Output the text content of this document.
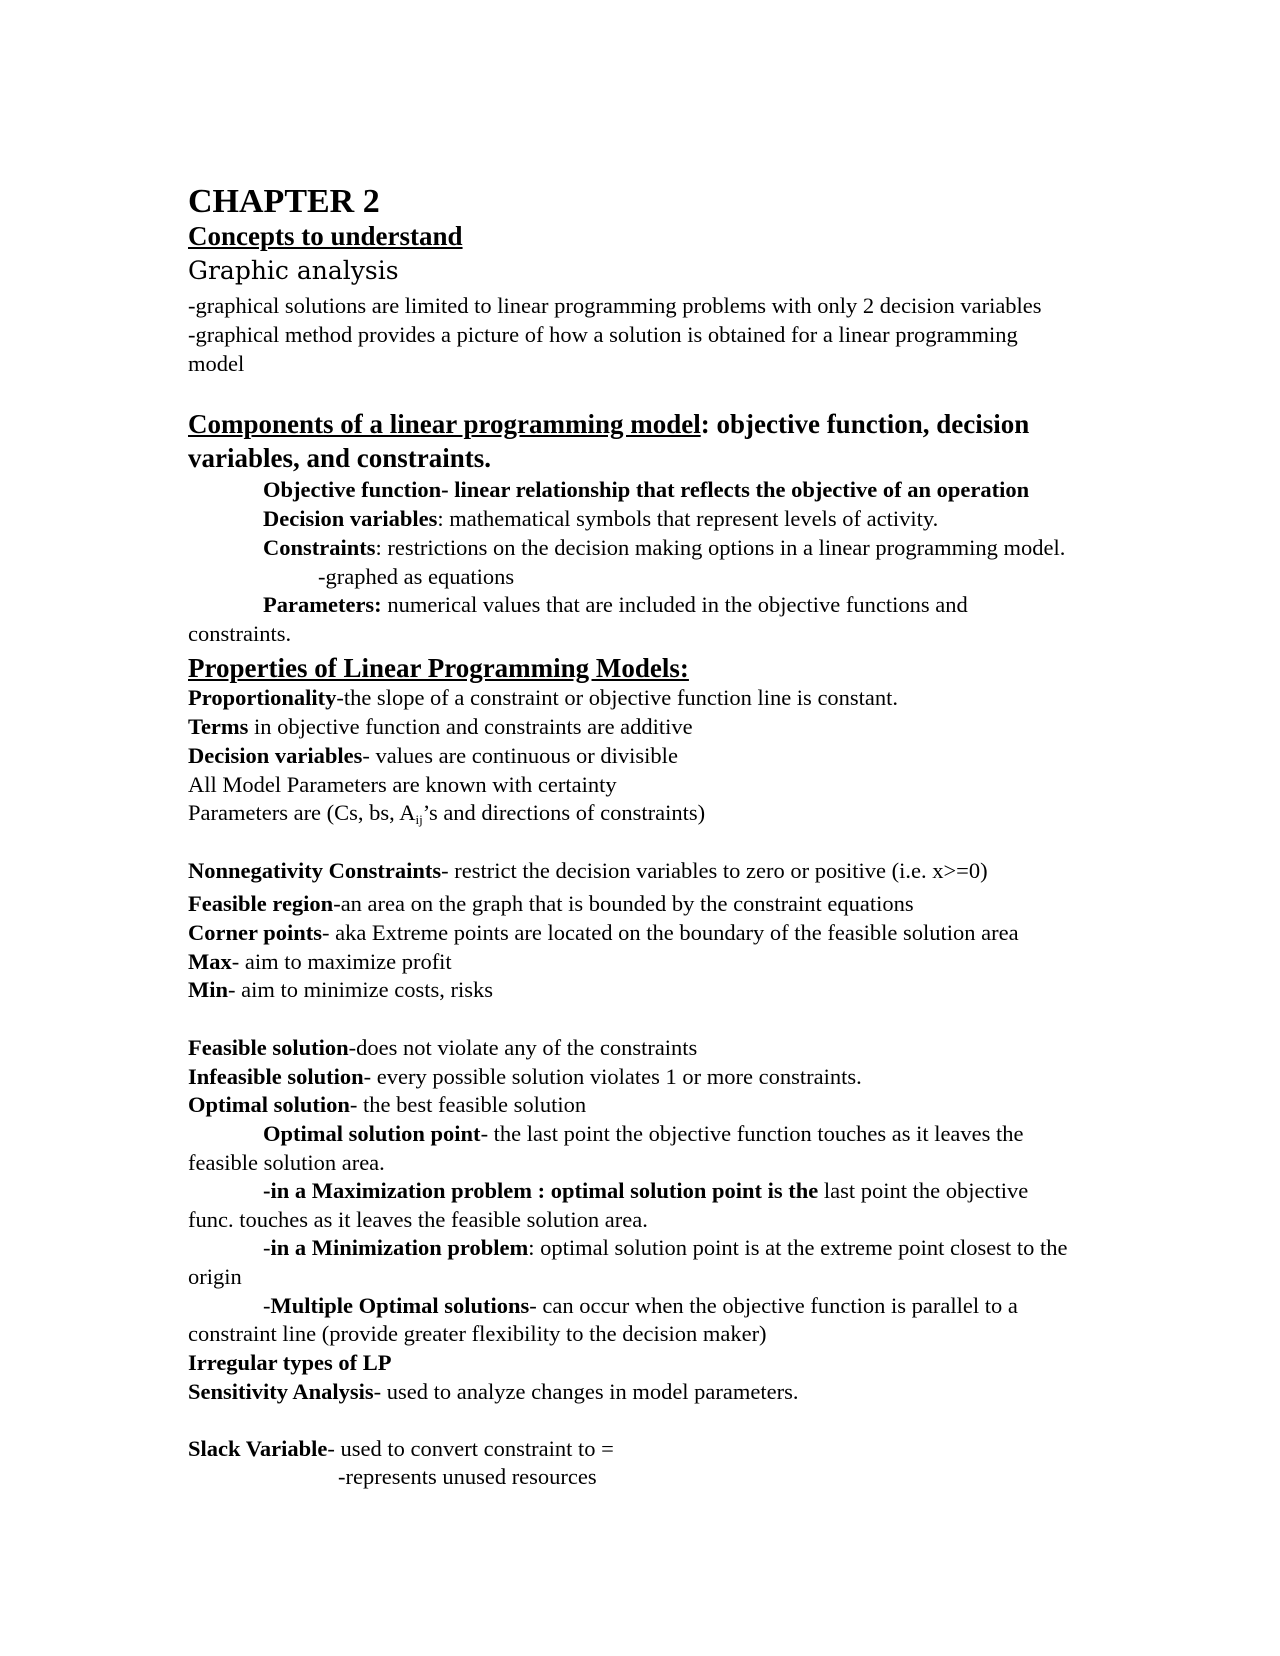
CHAPTER 2
Concepts to understand
Graphic analysis
-graphical solutions are limited to linear programming problems with only 2 decision variables
-graphical method provides a picture of how a solution is obtained for a linear programming
model
Components of a linear programming model: objective function, decision
variables, and constraints.
Objective function- linear relationship that reflects the objective of an operation
Decision variables: mathematical symbols that represent levels of activity.
Constraints: restrictions on the decision making options in a linear programming model.
-graphed as equations
Parameters: numerical values that are included in the objective functions and
constraints.
Properties of Linear Programming Models:
Proportionality-the slope of a constraint or objective function line is constant.
Terms in objective function and constraints are additive
Decision variables- values are continuous or divisible
All Model Parameters are known with certainty
Parameters are (Cs, bs, $A_{ij}’s$ and directions of constraints)
Nonnegativity Constraints- restrict the decision variables to zero or positive (i.e. x>=0)
Feasible region-an area on the graph that is bounded by the constraint equations
Corner points- aka Extreme points are located on the boundary of the feasible solution area
Max- aim to maximize profit
Min- aim to minimize costs, risks
Feasible solution-does not violate any of the constraints
Infeasible solution- every possible solution violates 1 or more constraints.
Optimal solution- the best feasible solution
Optimal solution point- the last point the objective function touches as it leaves the
feasible solution area.
-in a Maximization problem : optimal solution point is the last point the objective
func. touches as it leaves the feasible solution area.
-in a Minimization problem: optimal solution point is at the extreme point closest to the
origin
-Multiple Optimal solutions- can occur when the objective function is parallel to a
constraint line (provide greater flexibility to the decision maker)
Irregular types of LP
Sensitivity Analysis- used to analyze changes in model parameters.
Slack Variable- used to convert constraint to =
-represents unused resources
